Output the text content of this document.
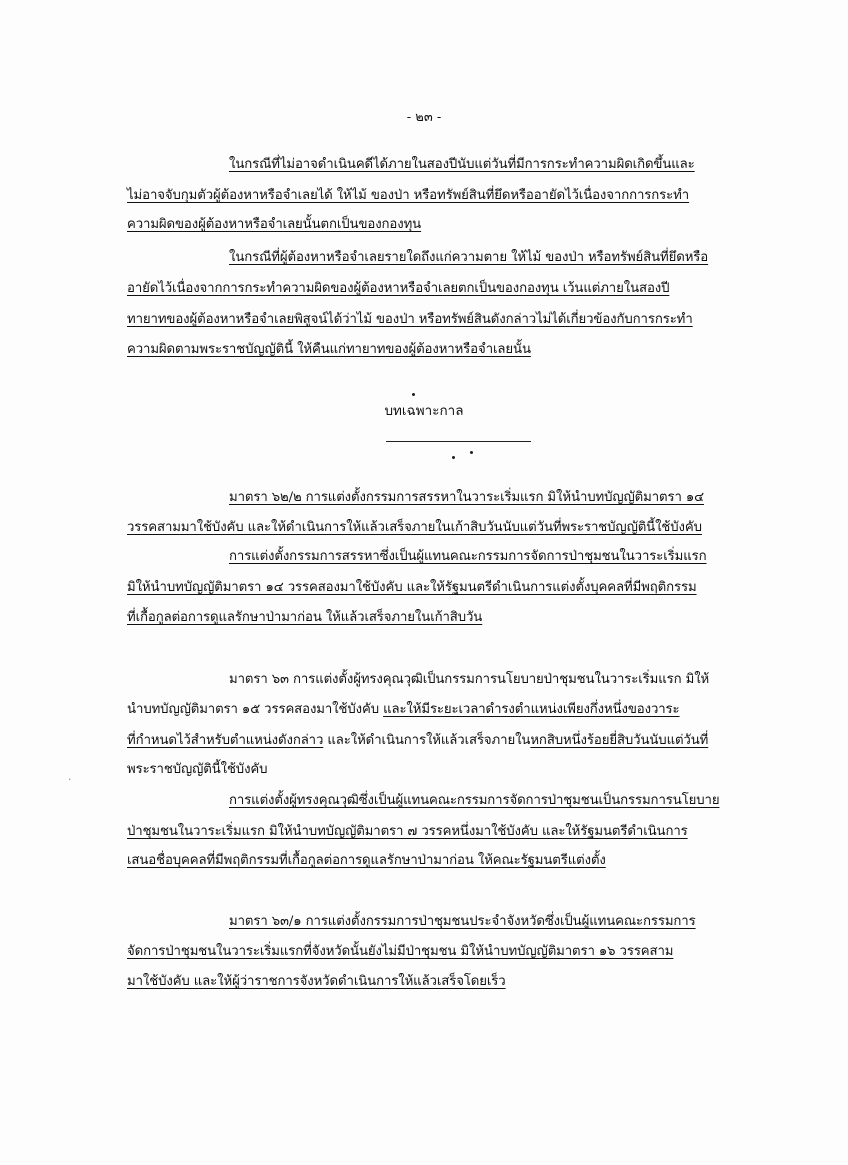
- ๒๓ -
ในกรณีที่ไม่อาจดำเนินคดีได้ภายในสองปีนับแต่วันที่มีการกระทำความผิดเกิดขึ้นและ
ไม่อาจจับกุมตัวผู้ต้องหาหรือจำเลยได้ ให้ไม้ ของป่า หรือทรัพย์สินที่ยึดหรืออายัดไว้เนื่องจากการกระทำ
ความผิดของผู้ต้องหาหรือจำเลยนั้นตกเป็นของกองทุน
ในกรณีที่ผู้ต้องหาหรือจำเลยรายใดถึงแก่ความตาย ให้ไม้ ของป่า หรือทรัพย์สินที่ยึดหรือ
อายัดไว้เนื่องจากการกระทำความผิดของผู้ต้องหาหรือจำเลยตกเป็นของกองทุน เว้นแต่ภายในสองปี
ทายาทของผู้ต้องหาหรือจำเลยพิสูจน์ได้ว่าไม้ ของป่า หรือทรัพย์สินดังกล่าวไม่ได้เกี่ยวข้องกับการกระทำ
ความผิดตามพระราชบัญญัตินี้ ให้คืนแก่ทายาทของผู้ต้องหาหรือจำเลยนั้น
บทเฉพาะกาล
มาตรา ๖๒/๒ การแต่งตั้งกรรมการสรรหาในวาระเริ่มแรก มิให้นำบทบัญญัติมาตรา ๑๔
วรรคสามมาใช้บังคับ และให้ดำเนินการให้แล้วเสร็จภายในเก้าสิบวันนับแต่วันที่พระราชบัญญัตินี้ใช้บังคับ
การแต่งตั้งกรรมการสรรหาซึ่งเป็นผู้แทนคณะกรรมการจัดการป่าชุมชนในวาระเริ่มแรก
มิให้นำบทบัญญัติมาตรา ๑๔ วรรคสองมาใช้บังคับ และให้รัฐมนตรีดำเนินการแต่งตั้งบุคคลที่มีพฤติกรรม
ที่เกื้อกูลต่อการดูแลรักษาป่ามาก่อน ให้แล้วเสร็จภายในเก้าสิบวัน
มาตรา ๖๓ การแต่งตั้งผู้ทรงคุณวุฒิเป็นกรรมการนโยบายป่าชุมชนในวาระเริ่มแรก มิให้
นำบทบัญญัติมาตรา ๑๕ วรรคสองมาใช้บังคับ และให้มีระยะเวลาดำรงตำแหน่งเพียงกึ่งหนึ่งของวาระ
ที่กำหนดไว้สำหรับตำแหน่งดังกล่าว และให้ดำเนินการให้แล้วเสร็จภายในหกสิบหนึ่งร้อยยี่สิบวันนับแต่วันที่
พระราชบัญญัตินี้ใช้บังคับ
·
การแต่งตั้งผู้ทรงคุณวุฒิซึ่งเป็นผู้แทนคณะกรรมการจัดการป่าชุมชนเป็นกรรมการนโยบาย
ป่าชุมชนในวาระเริ่มแรก มิให้นำบทบัญญัติมาตรา ๗ วรรคหนึ่งมาใช้บังคับ และให้รัฐมนตรีดำเนินการ
เสนอชื่อบุคคลที่มีพฤติกรรมที่เกื้อกูลต่อการดูแลรักษาป่ามาก่อน ให้คณะรัฐมนตรีแต่งตั้ง
มาตรา ๖๓/๑ การแต่งตั้งกรรมการป่าชุมชนประจำจังหวัดซึ่งเป็นผู้แทนคณะกรรมการ
จัดการป่าชุมชนในวาระเริ่มแรกที่จังหวัดนั้นยังไม่มีป่าชุมชน มิให้นำบทบัญญัติมาตรา ๑๖ วรรคสาม
มาใช้บังคับ และให้ผู้ว่าราชการจังหวัดดำเนินการให้แล้วเสร็จโดยเร็ว
